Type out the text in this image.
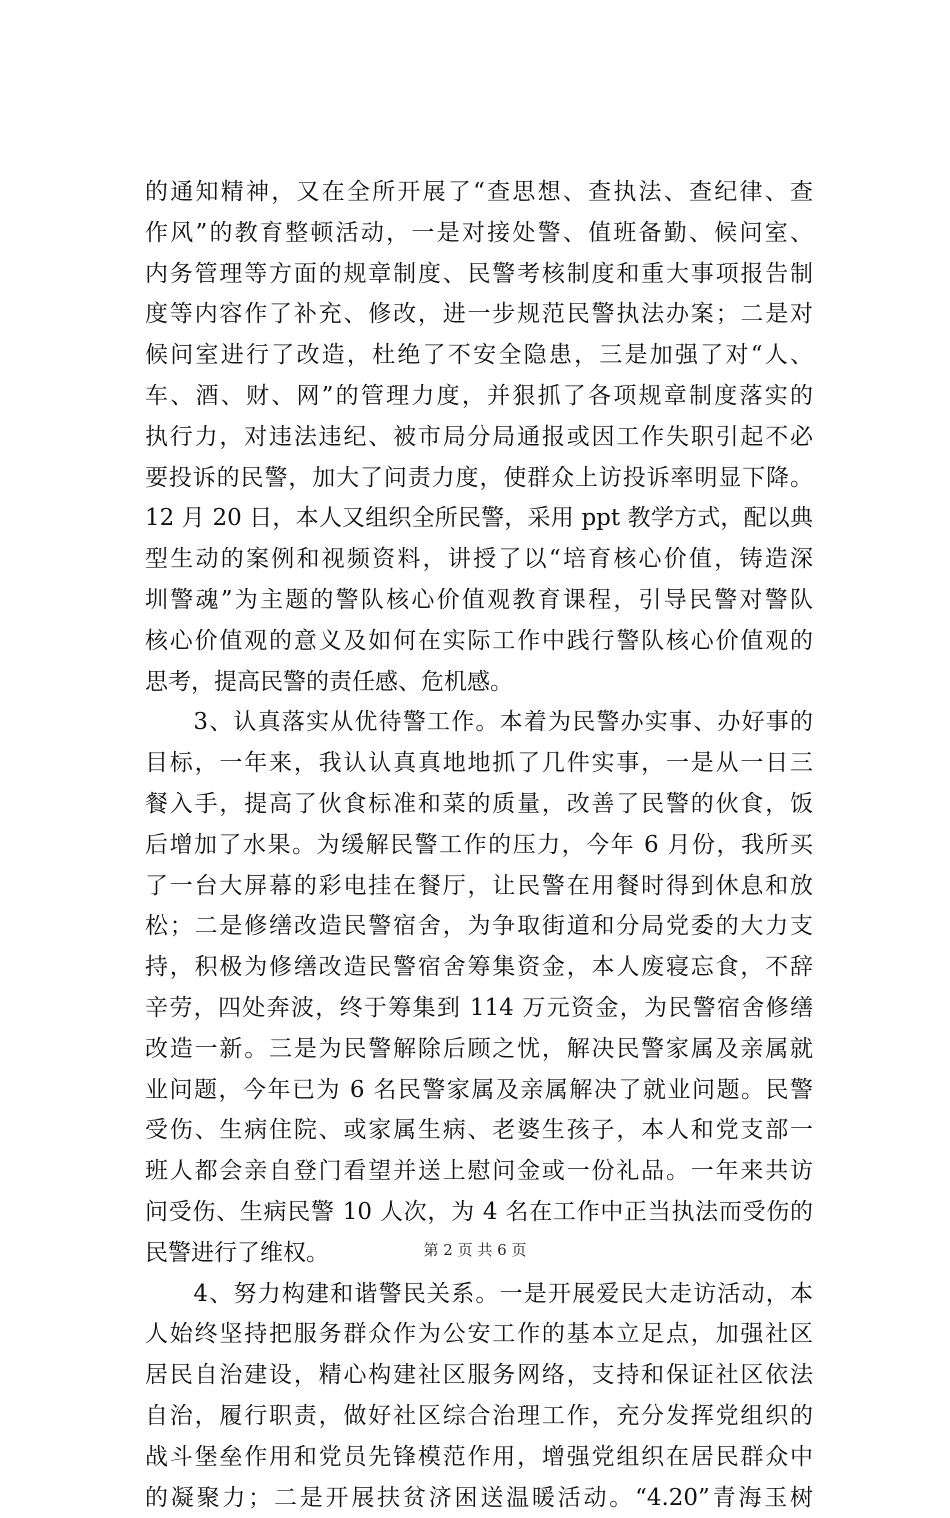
的通知精神，又在全所开展了“查思想、查执法、查纪律、查
作风”的教育整顿活动，一是对接处警、值班备勤、候问室、
内务管理等方面的规章制度、民警考核制度和重大事项报告制
度等内容作了补充、修改，进一步规范民警执法办案；二是对
候问室进行了改造，杜绝了不安全隐患，三是加强了对“人、
车、酒、财、网”的管理力度，并狠抓了各项规章制度落实的
执行力，对违法违纪、被市局分局通报或因工作失职引起不必
要投诉的民警，加大了问责力度，使群众上访投诉率明显下降。
12 月 20 日，本人又组织全所民警，采用 ppt 教学方式，配以典
型生动的案例和视频资料，讲授了以“培育核心价值，铸造深
圳警魂”为主题的警队核心价值观教育课程，引导民警对警队
核心价值观的意义及如何在实际工作中践行警队核心价值观的
思考，提高民警的责任感、危机感。
　　3、认真落实从优待警工作。本着为民警办实事、办好事的
目标，一年来，我认认真真地地抓了几件实事，一是从一日三
餐入手，提高了伙食标准和菜的质量，改善了民警的伙食，饭
后增加了水果。为缓解民警工作的压力，今年 6 月份，我所买
了一台大屏幕的彩电挂在餐厅，让民警在用餐时得到休息和放
松；二是修缮改造民警宿舍，为争取街道和分局党委的大力支
持，积极为修缮改造民警宿舍筹集资金，本人废寝忘食，不辞
辛劳，四处奔波，终于筹集到 114 万元资金，为民警宿舍修缮
改造一新。三是为民警解除后顾之忧，解决民警家属及亲属就
业问题，今年已为 6 名民警家属及亲属解决了就业问题。民警
受伤、生病住院、或家属生病、老婆生孩子，本人和党支部一
班人都会亲自登门看望并送上慰问金或一份礼品。一年来共访
问受伤、生病民警 10 人次，为 4 名在工作中正当执法而受伤的
民警进行了维权。
　　4、努力构建和谐警民关系。一是开展爱民大走访活动，本
人始终坚持把服务群众作为公安工作的基本立足点，加强社区
居民自治建设，精心构建社区服务网络，支持和保证社区依法
自治，履行职责，做好社区综合治理工作，充分发挥党组织的
战斗堡垒作用和党员先锋模范作用，增强党组织在居民群众中
的凝聚力；二是开展扶贫济困送温暖活动。“4.20”青海玉树
第 2 页 共 6 页
